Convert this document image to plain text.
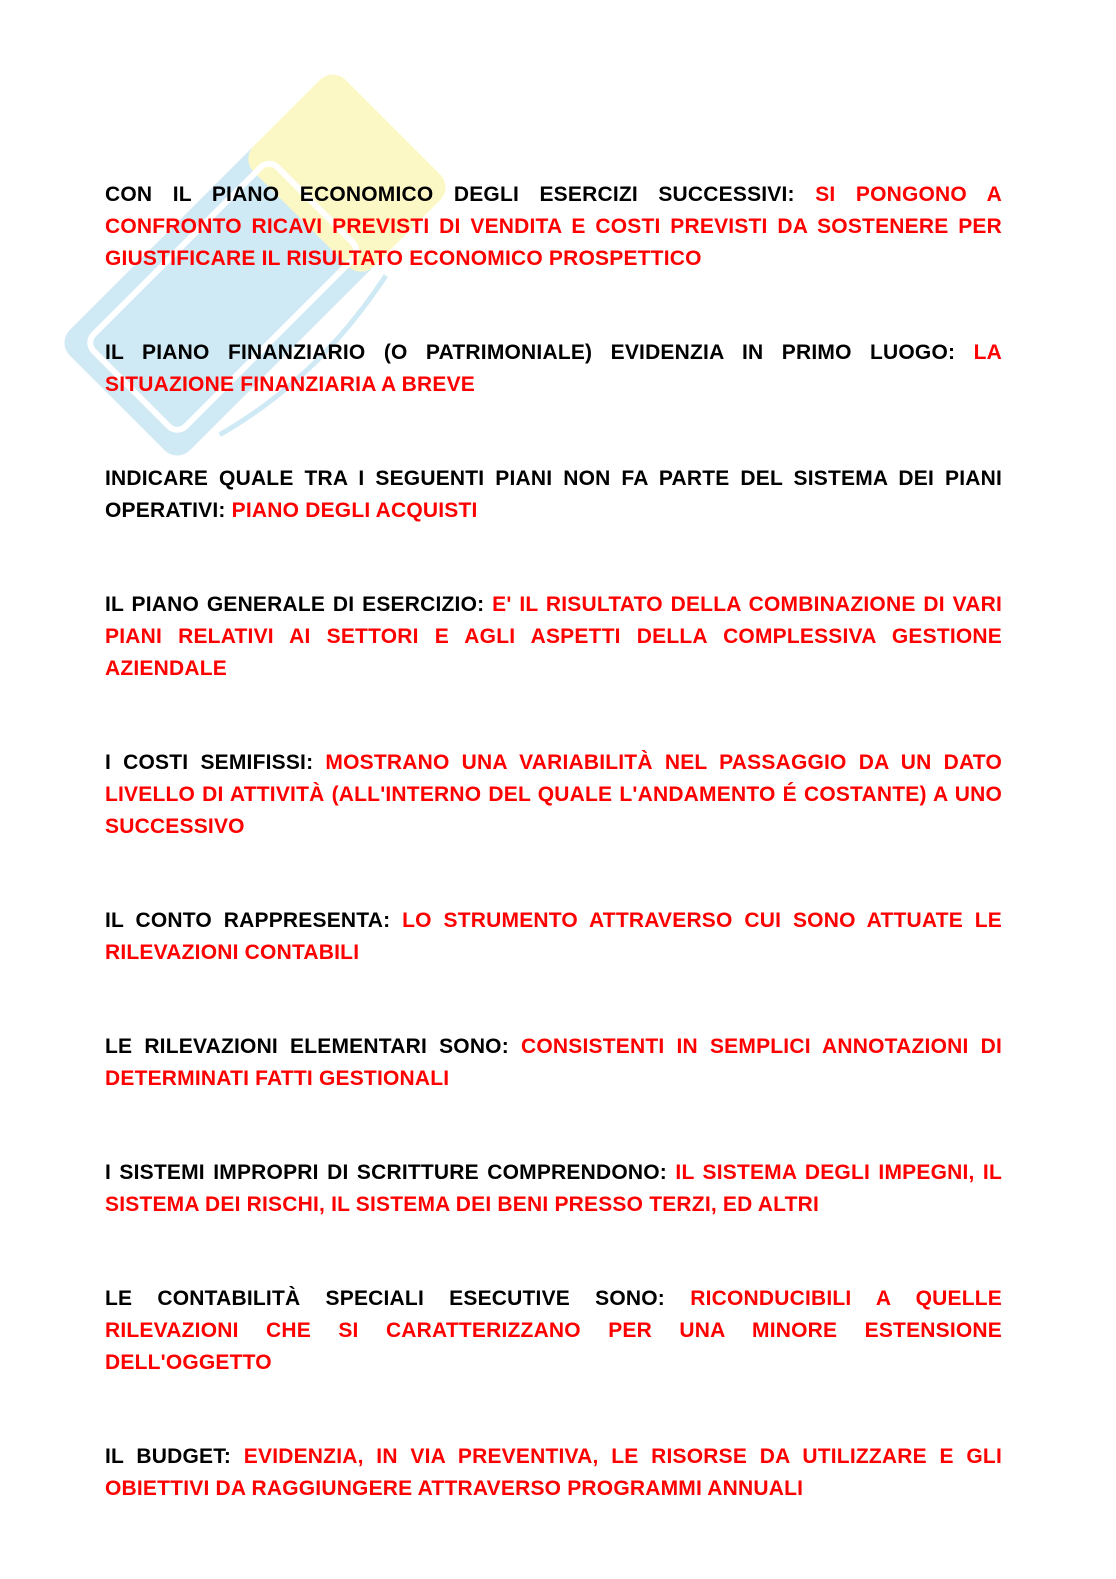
CON IL PIANO ECONOMICO DEGLI ESERCIZI SUCCESSIVI: SI PONGONO A CONFRONTO RICAVI PREVISTI DI VENDITA E COSTI PREVISTI DA SOSTENERE PER GIUSTIFICARE IL RISULTATO ECONOMICO PROSPETTICO

IL PIANO FINANZIARIO (O PATRIMONIALE) EVIDENZIA IN PRIMO LUOGO: LA SITUAZIONE FINANZIARIA A BREVE

INDICARE QUALE TRA I SEGUENTI PIANI NON FA PARTE DEL SISTEMA DEI PIANI OPERATIVI: PIANO DEGLI ACQUISTI

IL PIANO GENERALE DI ESERCIZIO: E' IL RISULTATO DELLA COMBINAZIONE DI VARI PIANI RELATIVI AI SETTORI E AGLI ASPETTI DELLA COMPLESSIVA GESTIONE AZIENDALE

I COSTI SEMIFISSI: MOSTRANO UNA VARIABILITÀ NEL PASSAGGIO DA UN DATO LIVELLO DI ATTIVITÀ (ALL'INTERNO DEL QUALE L'ANDAMENTO É COSTANTE) A UNO SUCCESSIVO

IL CONTO RAPPRESENTA: LO STRUMENTO ATTRAVERSO CUI SONO ATTUATE LE RILEVAZIONI CONTABILI

LE RILEVAZIONI ELEMENTARI SONO: CONSISTENTI IN SEMPLICI ANNOTAZIONI DI DETERMINATI FATTI GESTIONALI

I SISTEMI IMPROPRI DI SCRITTURE COMPRENDONO: IL SISTEMA DEGLI IMPEGNI, IL SISTEMA DEI RISCHI, IL SISTEMA DEI BENI PRESSO TERZI, ED ALTRI

LE CONTABILITÀ SPECIALI ESECUTIVE SONO: RICONDUCIBILI A QUELLE RILEVAZIONI CHE SI CARATTERIZZANO PER UNA MINORE ESTENSIONE DELL'OGGETTO

IL BUDGET: EVIDENZIA, IN VIA PREVENTIVA, LE RISORSE DA UTILIZZARE E GLI OBIETTIVI DA RAGGIUNGERE ATTRAVERSO PROGRAMMI ANNUALI
